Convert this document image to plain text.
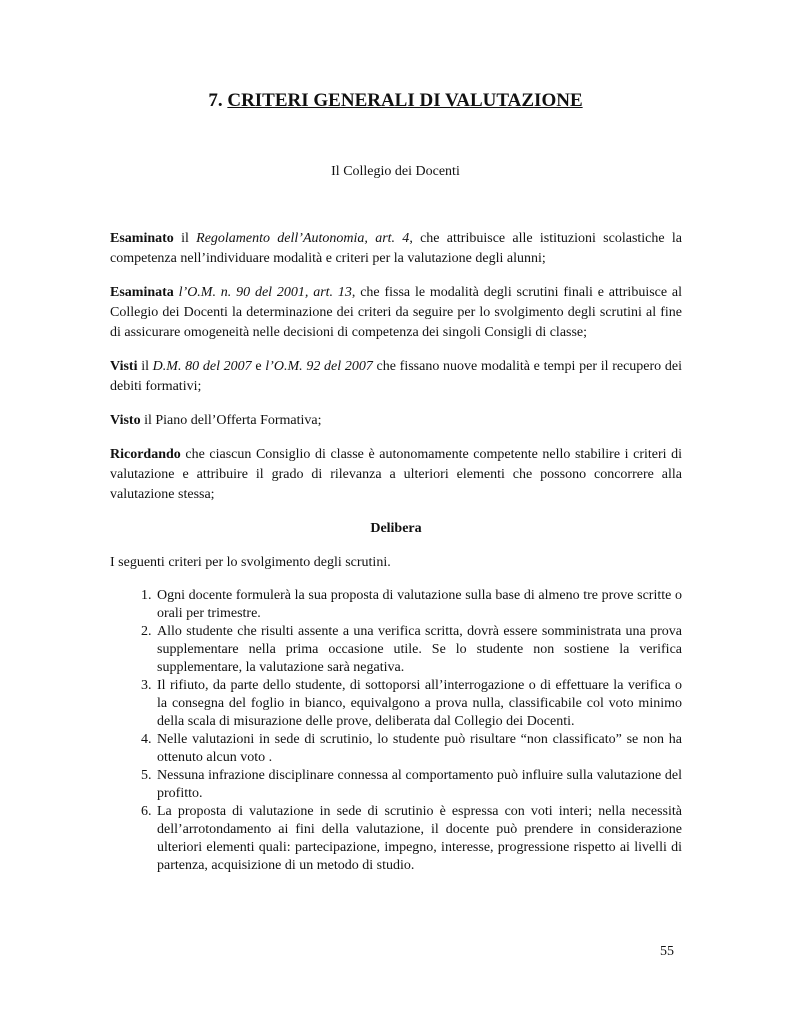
7. CRITERI GENERALI DI VALUTAZIONE
Il Collegio dei Docenti

Esaminato il Regolamento dell’Autonomia, art. 4, che attribuisce alle istituzioni scolastiche la competenza nell’individuare modalità e criteri per la valutazione degli alunni;

Esaminata l’O.M. n. 90 del 2001, art. 13, che fissa le modalità degli scrutini finali e attribuisce al Collegio dei Docenti la determinazione dei criteri da seguire per lo svolgimento degli scrutini al fine di assicurare omogeneità nelle decisioni di competenza dei singoli Consigli di classe;

Visti il D.M. 80 del 2007 e l’O.M. 92 del 2007 che fissano nuove modalità e tempi per il recupero dei debiti formativi;

Visto il Piano dell’Offerta Formativa;

Ricordando che ciascun Consiglio di classe è autonomamente competente nello stabilire i criteri di valutazione e attribuire il grado di rilevanza a ulteriori elementi che possono concorrere alla valutazione stessa;

Delibera

I seguenti criteri per lo svolgimento degli scrutini.

1. Ogni docente formulerà la sua proposta di valutazione sulla base di almeno tre prove scritte o orali per trimestre.
2. Allo studente che risulti assente a una verifica scritta, dovrà essere somministrata una prova supplementare nella prima occasione utile. Se lo studente non sostiene la verifica supplementare, la valutazione sarà negativa.
3. Il rifiuto, da parte dello studente, di sottoporsi all’interrogazione o di effettuare la verifica o la consegna del foglio in bianco, equivalgono a prova nulla, classificabile col voto minimo della scala di misurazione delle prove, deliberata dal Collegio dei Docenti.
4. Nelle valutazioni in sede di scrutinio, lo studente può risultare “non classificato” se non ha ottenuto alcun voto .
5. Nessuna infrazione disciplinare connessa al comportamento può influire sulla valutazione del profitto.
6. La proposta di valutazione in sede di scrutinio è espressa con voti interi; nella necessità dell’arrotondamento ai fini della valutazione, il docente può prendere in considerazione ulteriori elementi quali: partecipazione, impegno, interesse, progressione rispetto ai livelli di partenza, acquisizione di un metodo di studio.
55
